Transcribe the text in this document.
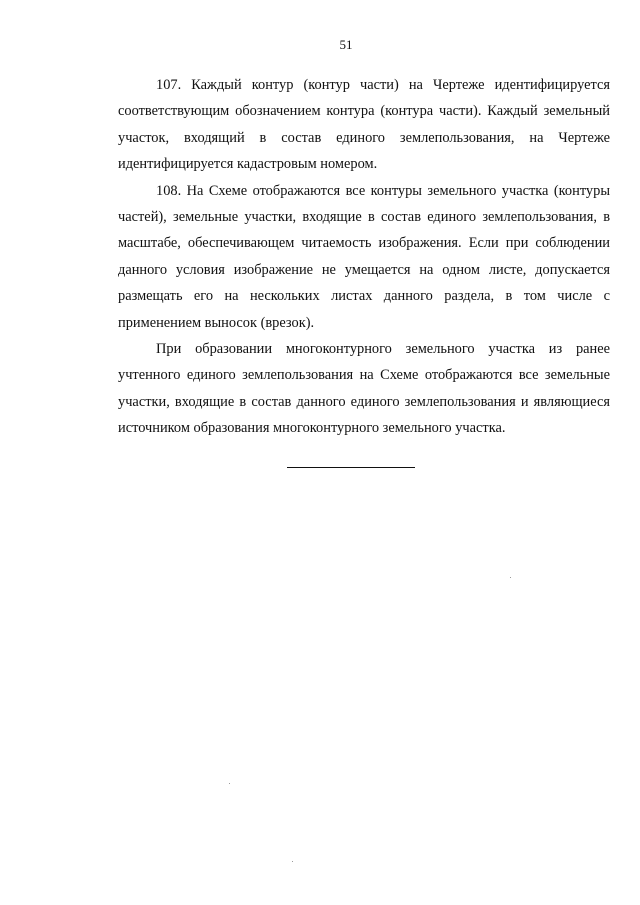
51

107. Каждый контур (контур части) на Чертеже идентифицируется соответствующим обозначением контура (контура части). Каждый земельный участок, входящий в состав единого землепользования, на Чертеже идентифицируется кадастровым номером.

108. На Схеме отображаются все контуры земельного участка (контуры частей), земельные участки, входящие в состав единого землепользования, в масштабе, обеспечивающем читаемость изображения. Если при соблюдении данного условия изображение не умещается на одном листе, допускается размещать его на нескольких листах данного раздела, в том числе с применением выносок (врезок).

При образовании многоконтурного земельного участка из ранее учтенного единого землепользования на Схеме отображаются все земельные участки, входящие в состав данного единого землепользования и являющиеся источником образования многоконтурного земельного участка.
